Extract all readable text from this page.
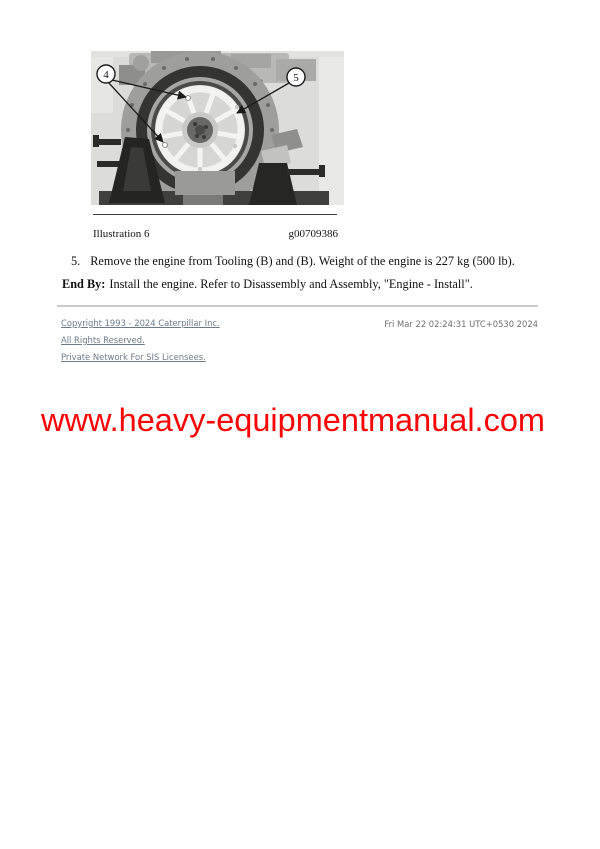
4	5
Illustration 6	g00709386

5. Remove the engine from Tooling (B) and (B). Weight of the engine is 227 kg (500 lb).

End By: Install the engine. Refer to Disassembly and Assembly, "Engine - Install".

Copyright 1993 - 2024 Caterpillar Inc.
All Rights Reserved.
Private Network For SIS Licensees.
Fri Mar 22 02:24:31 UTC+0530 2024
www.heavy-equipmentmanual.com
